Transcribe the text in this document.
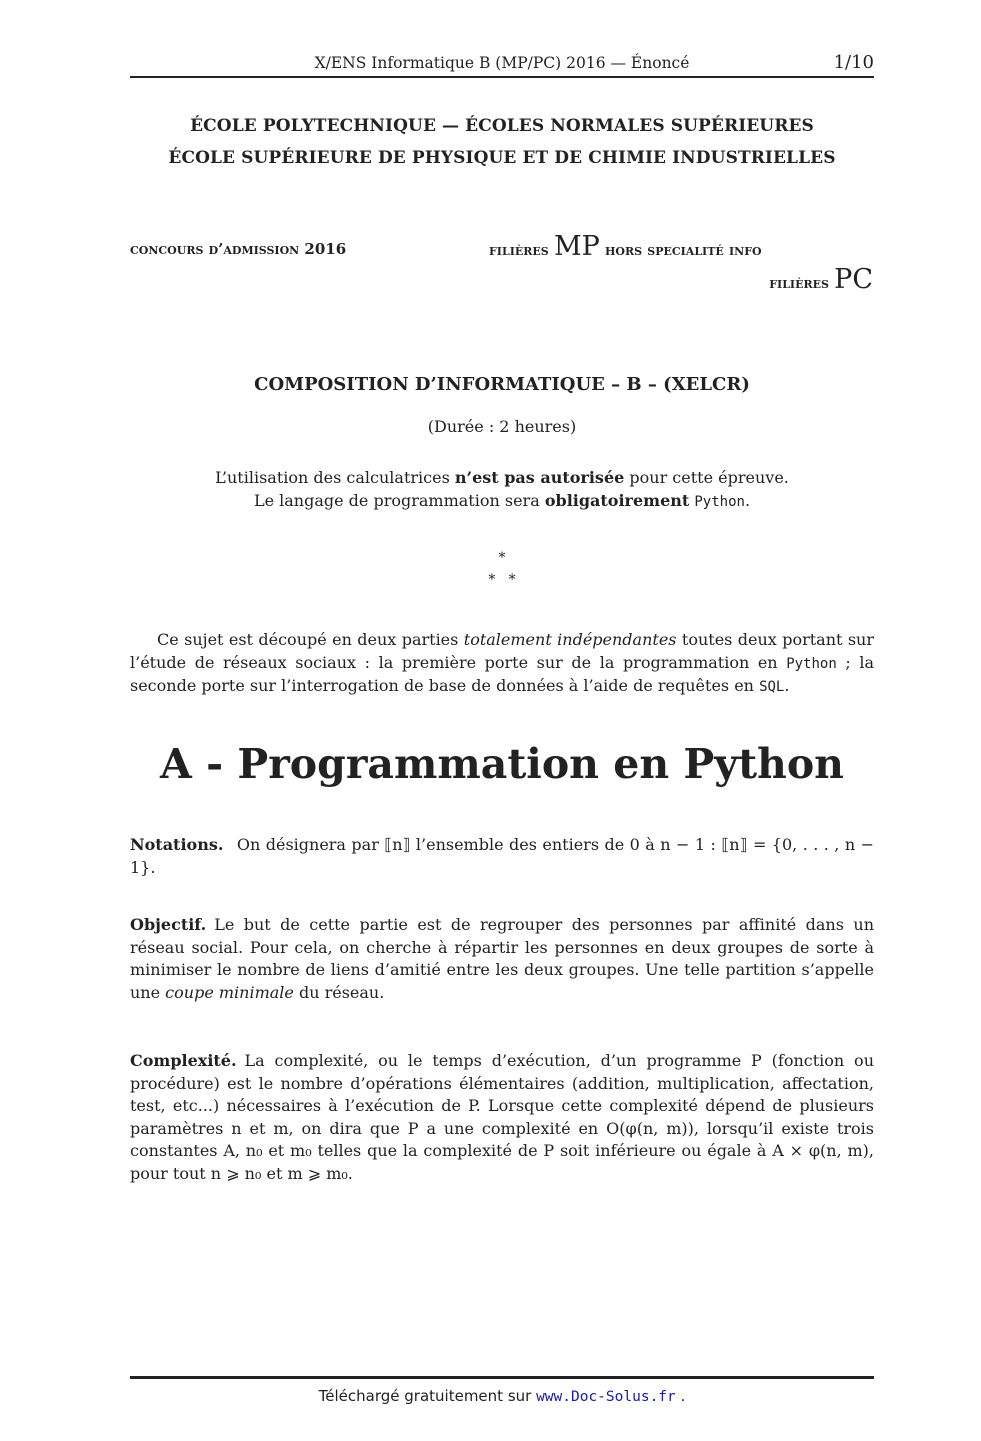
X/ENS Informatique B (MP/PC) 2016 — Énoncé	1/10
ÉCOLE POLYTECHNIQUE — ÉCOLES NORMALES SUPÉRIEURES
ÉCOLE SUPÉRIEURE DE PHYSIQUE ET DE CHIMIE INDUSTRIELLES
concours d’admission 2016	filières MP hors specialité info
filières PC
COMPOSITION D’INFORMATIQUE – B – (XELCR)
(Durée : 2 heures)
L’utilisation des calculatrices n’est pas autorisée pour cette épreuve.
Le langage de programmation sera obligatoirement Python.
*
*   *
Ce sujet est découpé en deux parties totalement indépendantes toutes deux portant sur l’étude de réseaux sociaux : la première porte sur de la programmation en Python ; la seconde porte sur l’interrogation de base de données à l’aide de requêtes en SQL.
A - Programmation en Python
Notations. On désignera par ⟦n⟧ l’ensemble des entiers de 0 à n − 1 : ⟦n⟧ = {0, . . . , n − 1}.
Objectif. Le but de cette partie est de regrouper des personnes par affinité dans un réseau social. Pour cela, on cherche à répartir les personnes en deux groupes de sorte à minimiser le nombre de liens d’amitié entre les deux groupes. Une telle partition s’appelle une coupe minimale du réseau.
Complexité. La complexité, ou le temps d’exécution, d’un programme P (fonction ou procédure) est le nombre d’opérations élémentaires (addition, multiplication, affectation, test, etc...) nécessaires à l’exécution de P. Lorsque cette complexité dépend de plusieurs paramètres n et m, on dira que P a une complexité en O(φ(n, m)), lorsqu’il existe trois constantes A, n₀ et m₀ telles que la complexité de P soit inférieure ou égale à A × φ(n, m), pour tout n ⩾ n₀ et m ⩾ m₀.
Téléchargé gratuitement sur www.Doc-Solus.fr .
